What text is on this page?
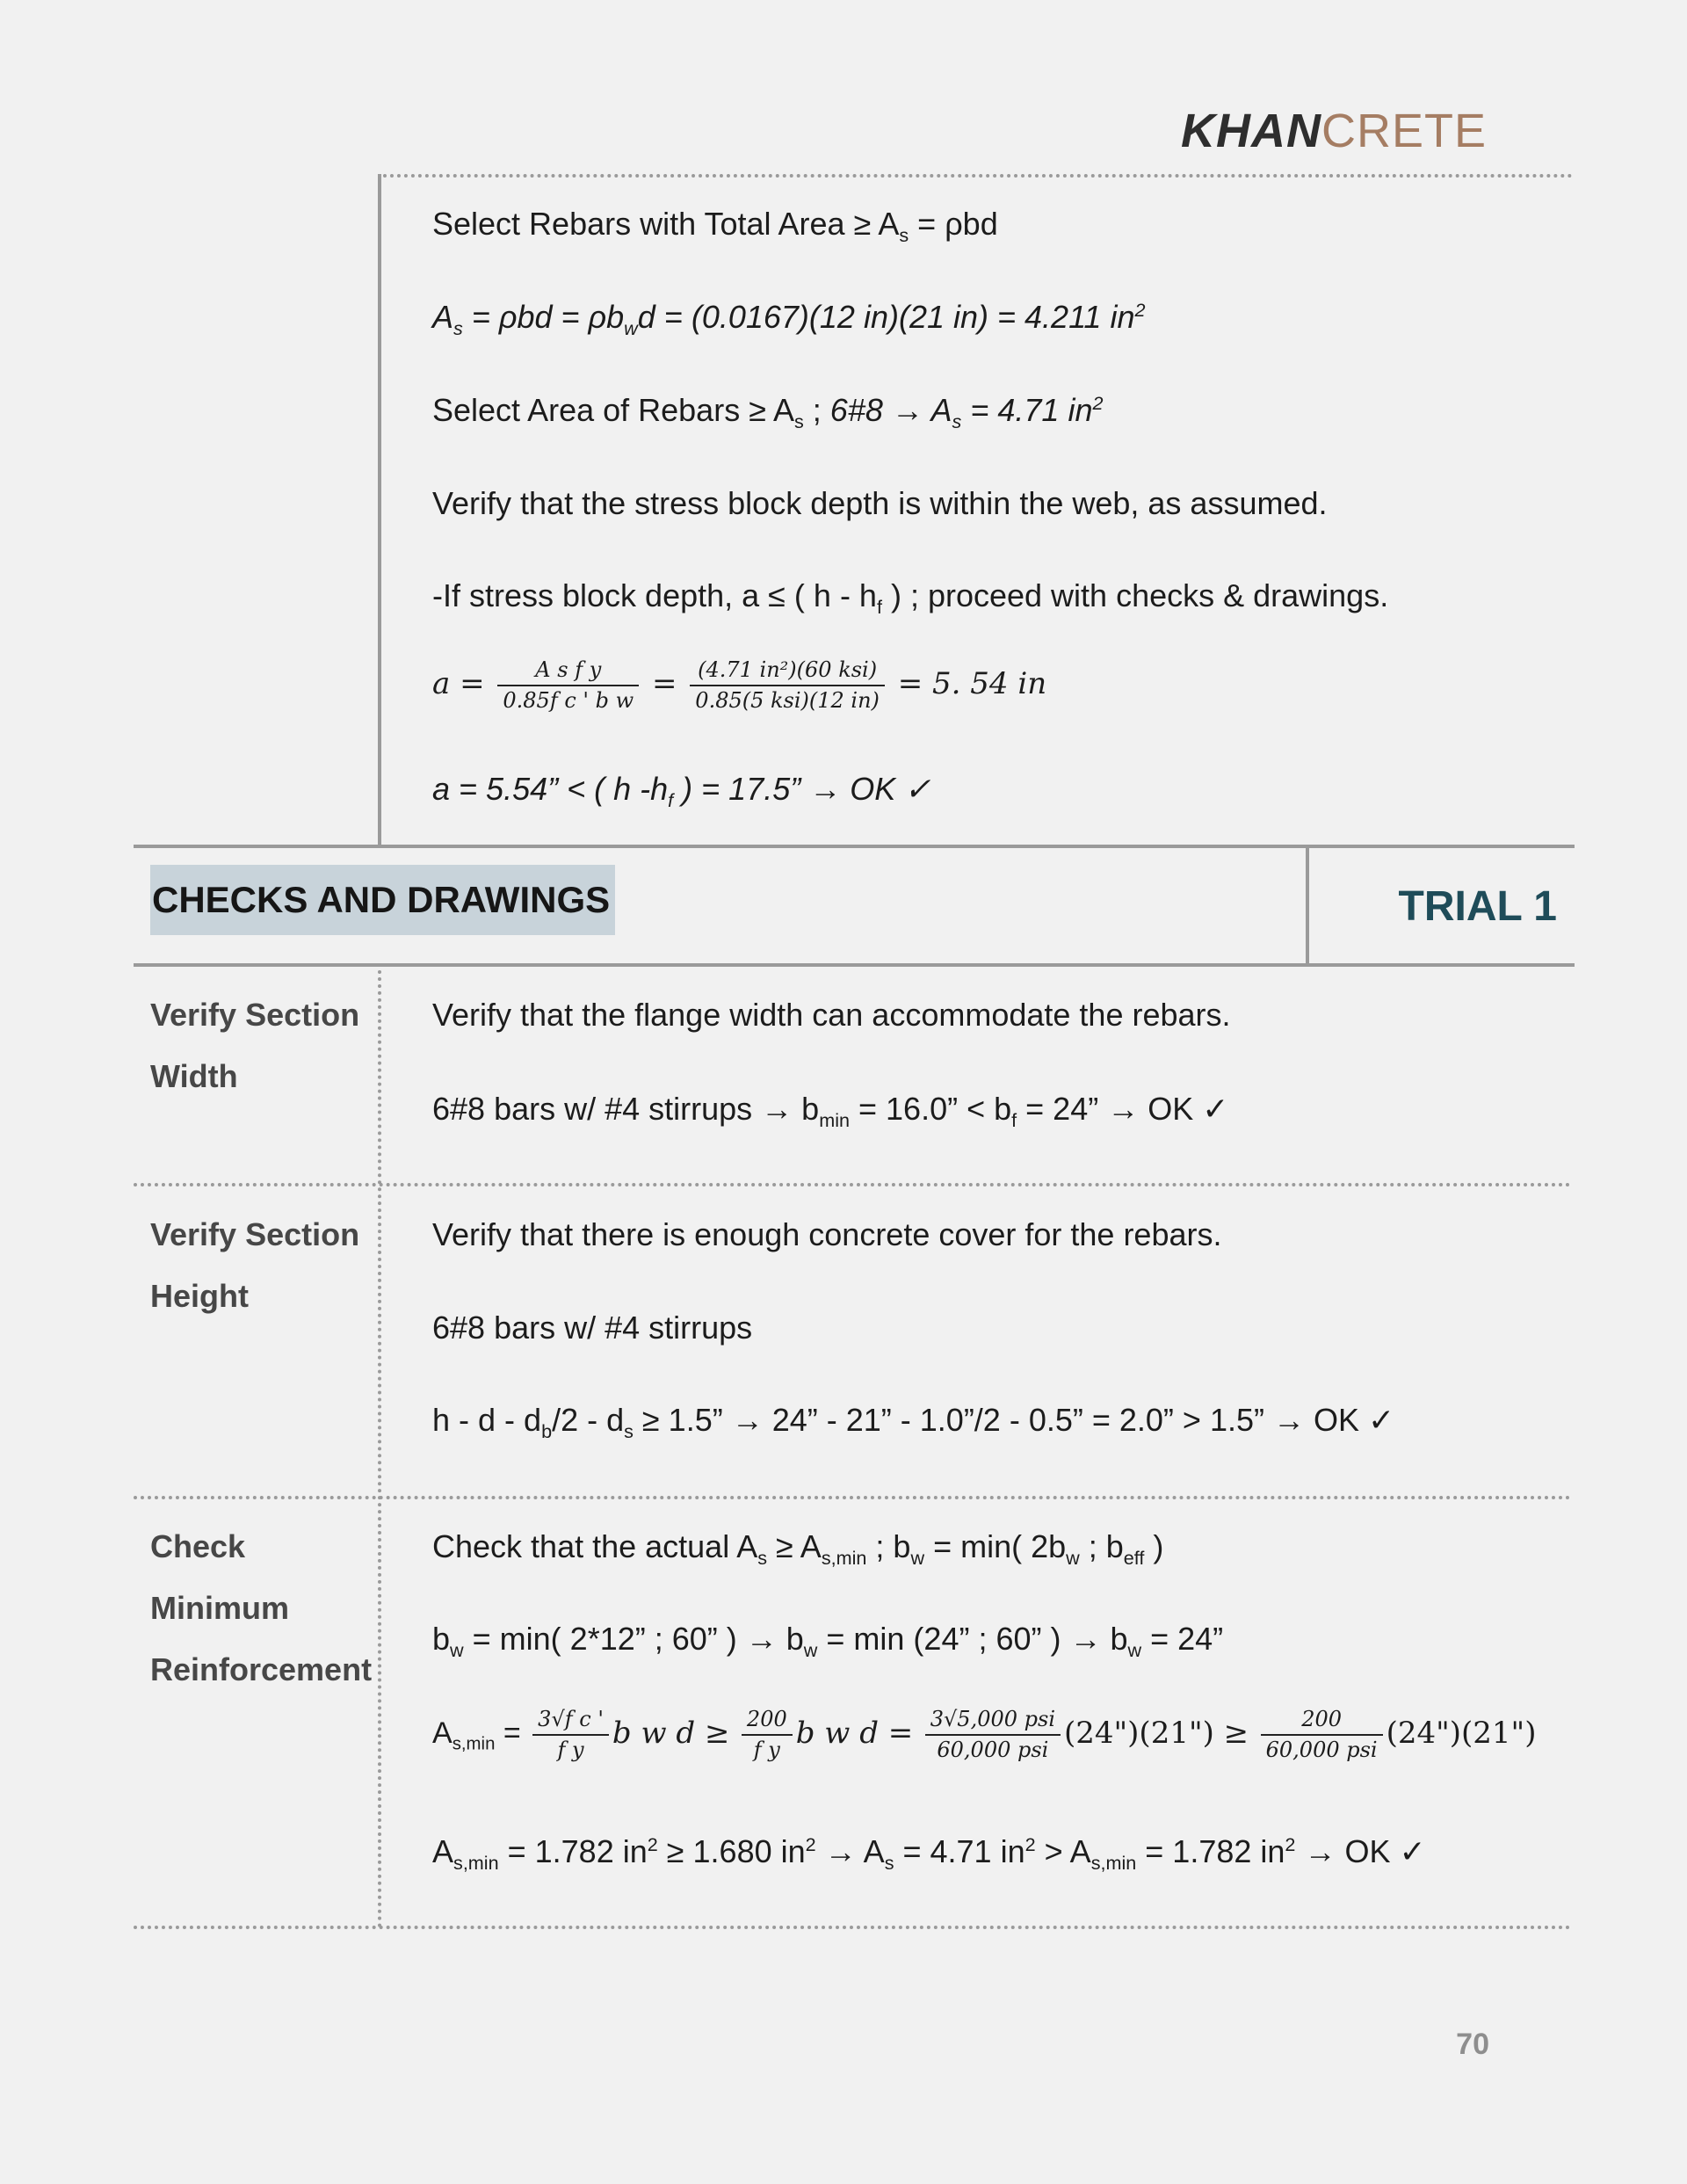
KHANCRETE
Select Rebars with Total Area ≥ $A_s = \rho bd$
$A_s = \rho bd = \rho b_wd = (0.0167)(12$ in)(21 in) = 4.211 $in^2$
Select Area of Rebars ≥ $A_s$ ; 6#8 → $A_s = 4.71$ $in^2$
Verify that the stress block depth is within the web, as assumed.
-If stress block depth, a ≤ ( h - $h_f$ ) ; proceed with checks & drawings.
$a = \frac{\text{A s f y}}{\text{0.85f c ' b w}} = \frac{\text{(4.71 in²)(60 ksi)}}{\text{0.85(5 ksi)(12 in)}} = 5$. 54 in
a = 5.54” < ( h $-h_f$ ) = 17.5” → OK ✓
CHECKS AND DRAWINGS	TRIAL 1
Verify Section
Width
Verify that the flange width can accommodate the rebars.
6#8 bars w/ #4 stirrups → $b_{min} = 16.0$” < $b_f = 24$” → OK ✓
Verify Section
Height
Verify that there is enough concrete cover for the rebars.
6#8 bars w/ #4 stirrups
$h - d - d_b/2 - d_s \ge 1.5$” → 24” - 21” - 1.0”/2 - 0.5” = 2.0” > 1.5” → OK ✓
Check
Minimum
Reinforcement
Check that the actual $A_s \ge A_{s,min}$ ; $b_w = \min$( $2b_w$ ; $b_{eff}$ )
$b_w = \min$( 2*12” ; 60” ) → $b_w = \min (24$” ; 60” ) → $b_w = 24$”
$A_{s,min} = \frac{\text{3√f c '}}{\text{f y}}$ b w $d \ge \frac{200}{\text{f y}}$ b w $d = \frac{\text{3√5,000 psi}}{\text{60,000 psi}}$ (24")(21") ≥ $\frac{200}{\text{60,000 psi}}$ (24")(21")
$A_{s,min} = 1.782$ $in^2 \ge 1.680$ $in^2 \to A_s = 4.71$ $in^2 > A_{s,min} = 1.782$ $in^2$ → OK ✓
70
